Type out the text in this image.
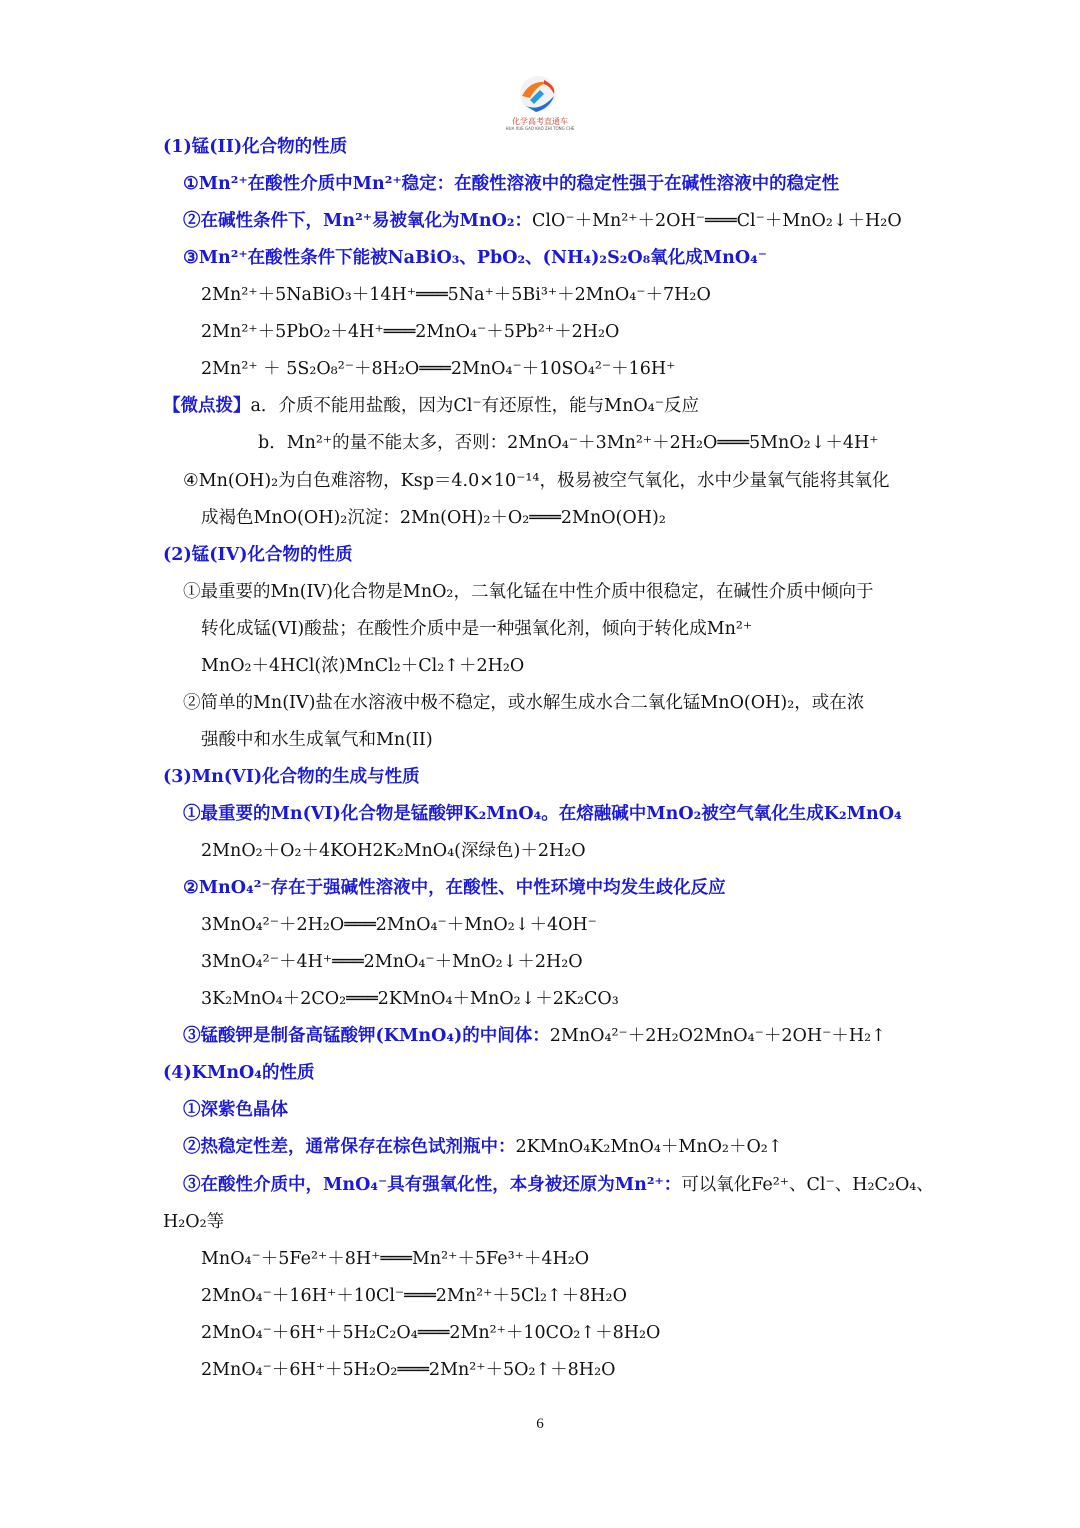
化学高考直通车
HUA XUE GAO KAO ZHI TONG CHE
(1)锰(II)化合物的性质
①Mn²⁺在酸性介质中Mn²⁺稳定：在酸性溶液中的稳定性强于在碱性溶液中的稳定性
②在碱性条件下，Mn²⁺易被氧化为MnO₂：ClO⁻＋Mn²⁺＋2OH⁻═══Cl⁻＋MnO₂↓＋H₂O
③Mn²⁺在酸性条件下能被NaBiO₃、PbO₂、(NH₄)₂S₂O₈氧化成MnO₄⁻
2Mn²⁺＋5NaBiO₃＋14H⁺═══5Na⁺＋5Bi³⁺＋2MnO₄⁻＋7H₂O
2Mn²⁺＋5PbO₂＋4H⁺═══2MnO₄⁻＋5Pb²⁺＋2H₂O
2Mn²⁺ ＋ 5S₂O₈²⁻＋8H₂O═══2MnO₄⁻＋10SO₄²⁻＋16H⁺
【微点拨】a．介质不能用盐酸，因为Cl⁻有还原性，能与MnO₄⁻反应
b．Mn²⁺的量不能太多，否则：2MnO₄⁻＋3Mn²⁺＋2H₂O═══5MnO₂↓＋4H⁺
④Mn(OH)₂为白色难溶物，Ksp＝4.0×10⁻¹⁴，极易被空气氧化，水中少量氧气能将其氧化
成褐色MnO(OH)₂沉淀：2Mn(OH)₂＋O₂═══2MnO(OH)₂
(2)锰(IV)化合物的性质
①最重要的Mn(IV)化合物是MnO₂，二氧化锰在中性介质中很稳定，在碱性介质中倾向于
转化成锰(VI)酸盐；在酸性介质中是一种强氧化剂，倾向于转化成Mn²⁺
MnO₂＋4HCl(浓)MnCl₂＋Cl₂↑＋2H₂O
②简单的Mn(IV)盐在水溶液中极不稳定，或水解生成水合二氧化锰MnO(OH)₂，或在浓
强酸中和水生成氧气和Mn(II)
(3)Mn(VI)化合物的生成与性质
①最重要的Mn(VI)化合物是锰酸钾K₂MnO₄。在熔融碱中MnO₂被空气氧化生成K₂MnO₄
2MnO₂＋O₂＋4KOH2K₂MnO₄(深绿色)＋2H₂O
②MnO₄²⁻存在于强碱性溶液中，在酸性、中性环境中均发生歧化反应
3MnO₄²⁻＋2H₂O═══2MnO₄⁻＋MnO₂↓＋4OH⁻
3MnO₄²⁻＋4H⁺═══2MnO₄⁻＋MnO₂↓＋2H₂O
3K₂MnO₄＋2CO₂═══2KMnO₄＋MnO₂↓＋2K₂CO₃
③锰酸钾是制备高锰酸钾(KMnO₄)的中间体：2MnO₄²⁻＋2H₂O2MnO₄⁻＋2OH⁻＋H₂↑
(4)KMnO₄的性质
①深紫色晶体
②热稳定性差，通常保存在棕色试剂瓶中：2KMnO₄K₂MnO₄＋MnO₂＋O₂↑
③在酸性介质中，MnO₄⁻具有强氧化性，本身被还原为Mn²⁺：可以氧化Fe²⁺、Cl⁻、H₂C₂O₄、
H₂O₂等
MnO₄⁻＋5Fe²⁺＋8H⁺═══Mn²⁺＋5Fe³⁺＋4H₂O
2MnO₄⁻＋16H⁺＋10Cl⁻═══2Mn²⁺＋5Cl₂↑＋8H₂O
2MnO₄⁻＋6H⁺＋5H₂C₂O₄═══2Mn²⁺＋10CO₂↑＋8H₂O
2MnO₄⁻＋6H⁺＋5H₂O₂═══2Mn²⁺＋5O₂↑＋8H₂O
6
